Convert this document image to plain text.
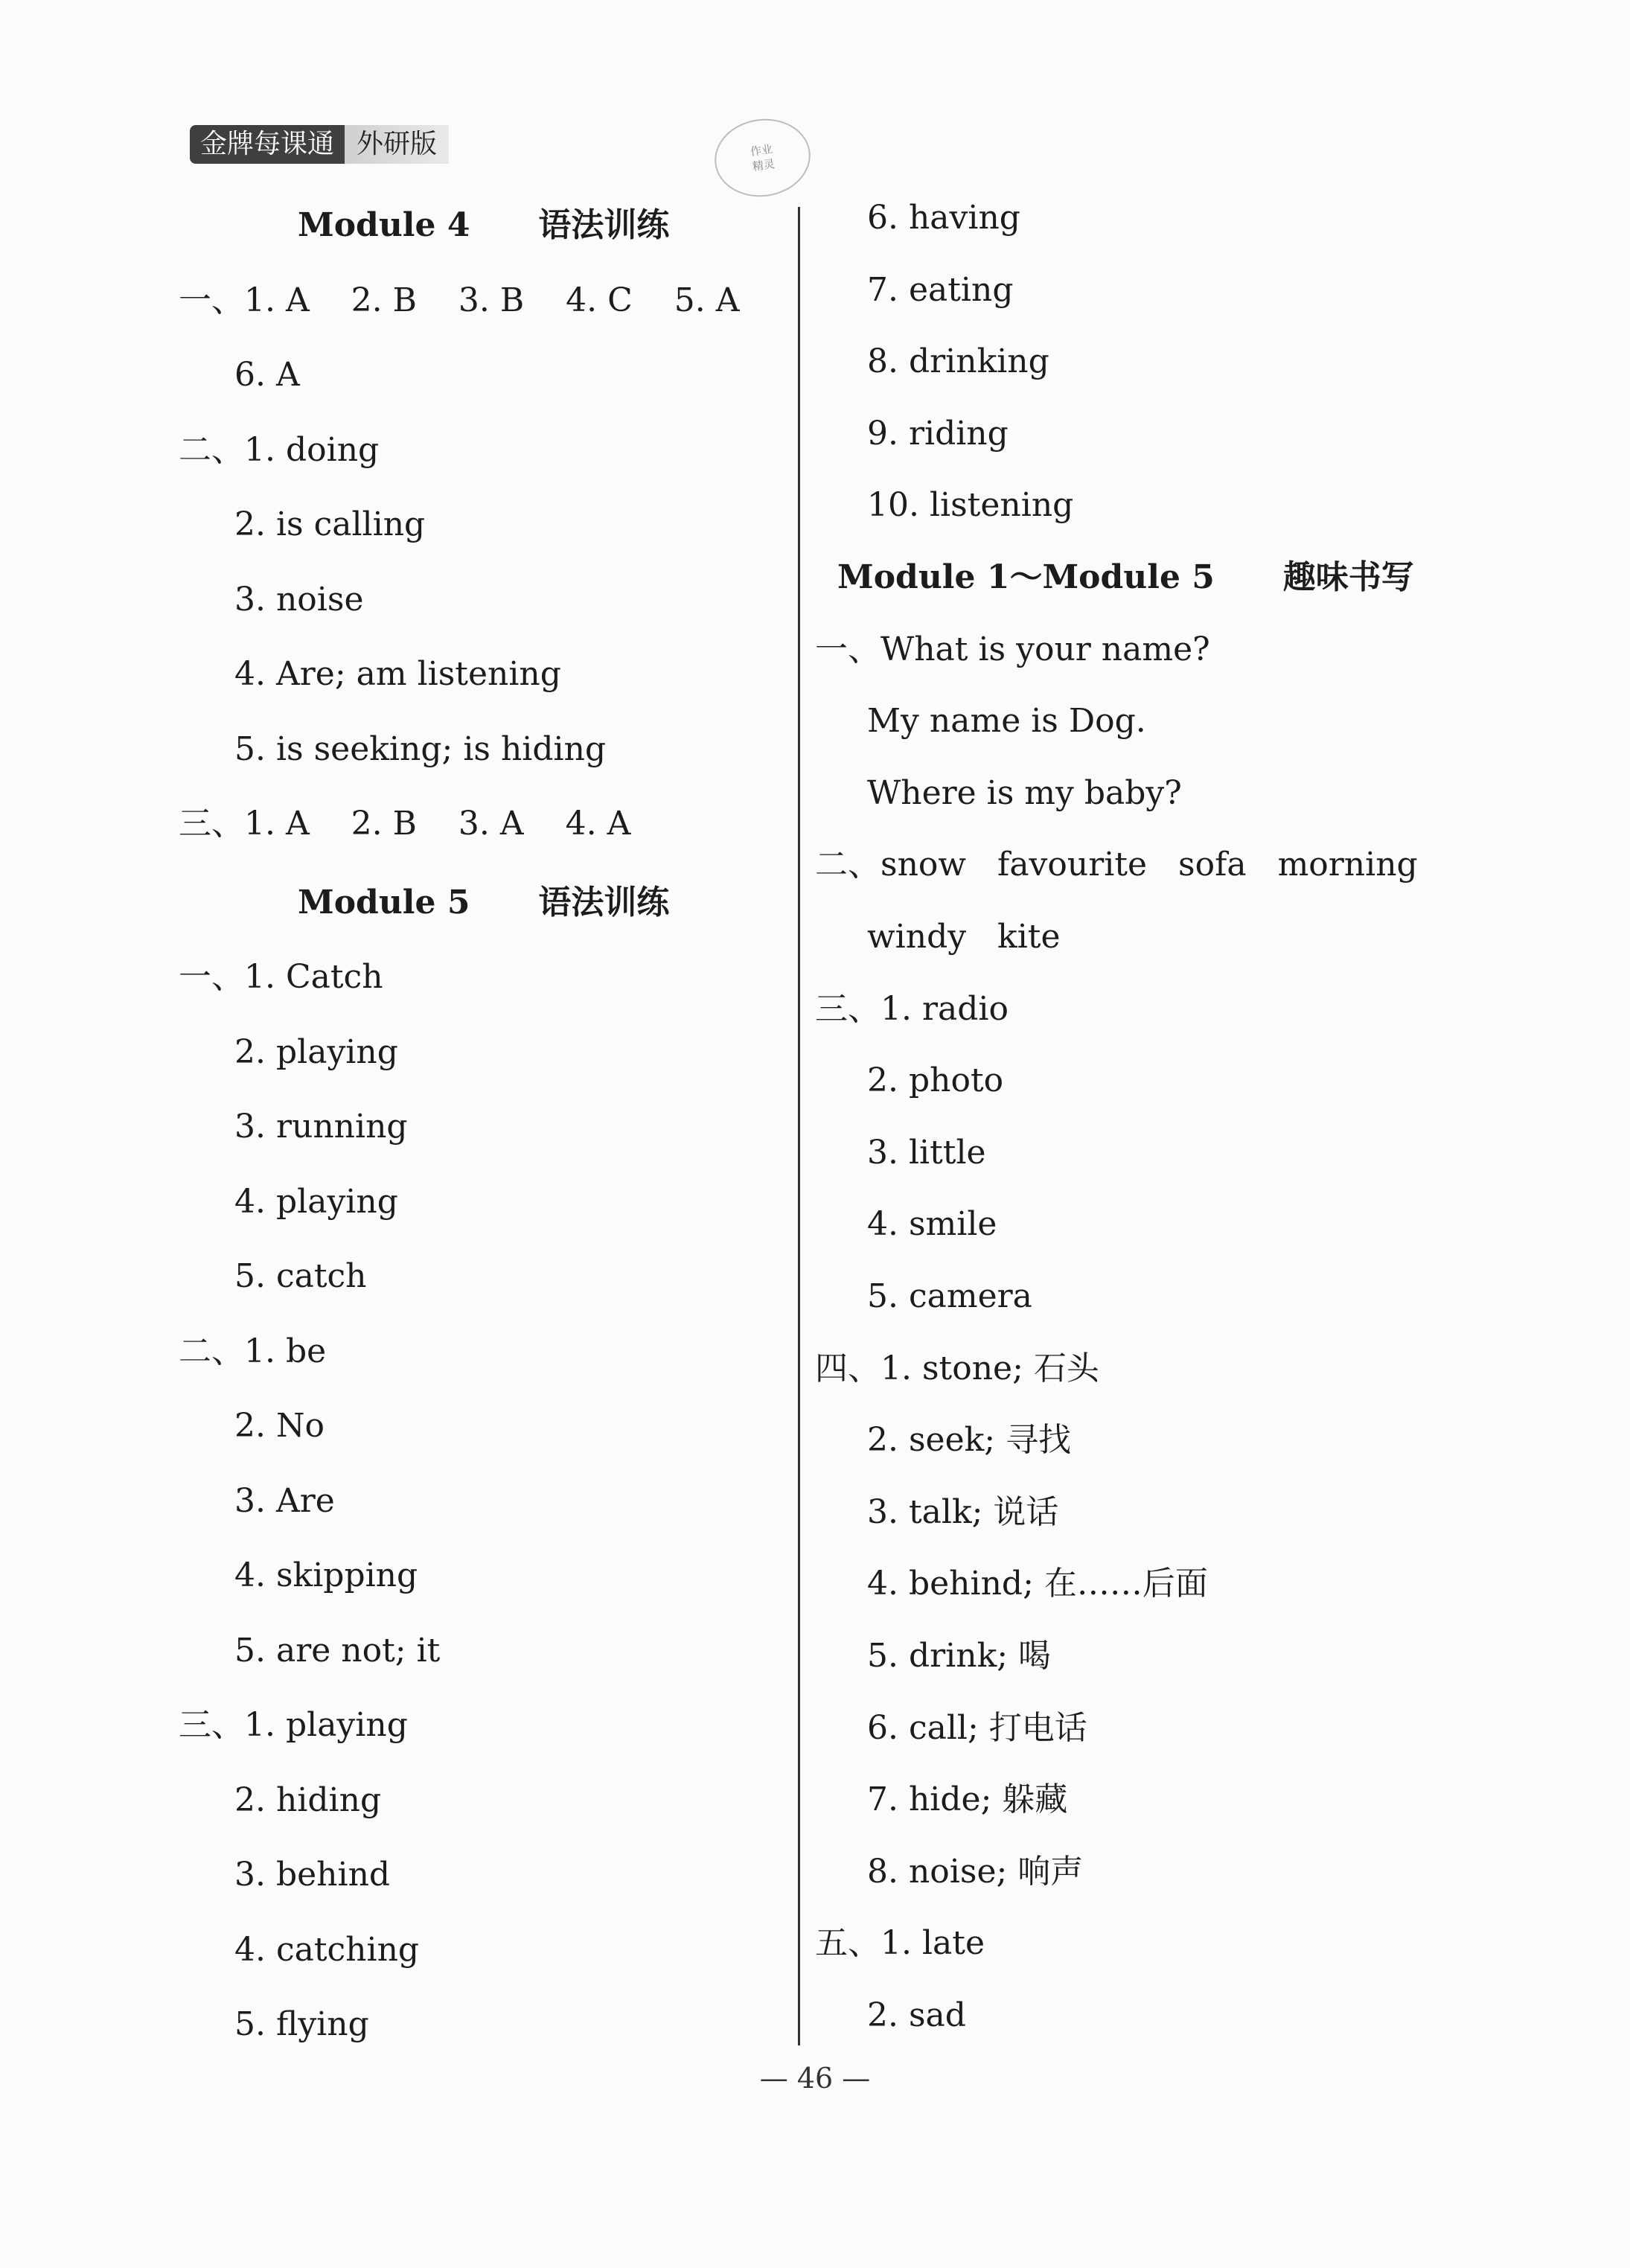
金牌每课通 外研版	作业
精灵
Module 4      语法训练
一、1. A    2. B    3. B    4. C    5. A
6. A
二、1. doing
2. is calling
3. noise
4. Are; am listening
5. is seeking; is hiding
三、1. A    2. B    3. A    4. A
Module 5      语法训练
一、1. Catch
2. playing
3. running
4. playing
5. catch
二、1. be
2. No
3. Are
4. skipping
5. are not; it
三、1. playing
2. hiding
3. behind
4. catching
5. flying
6. having
7. eating
8. drinking
9. riding
10. listening
Module 1～Module 5      趣味书写
一、What is your name?
My name is Dog.
Where is my baby?
二、snow   favourite   sofa   morning
windy   kite
三、1. radio
2. photo
3. little
4. smile
5. camera
四、1. stone; 石头
2. seek; 寻找
3. talk; 说话
4. behind; 在……后面
5. drink; 喝
6. call; 打电话
7. hide; 躲藏
8. noise; 响声
五、1. late
2. sad
— 46 —
